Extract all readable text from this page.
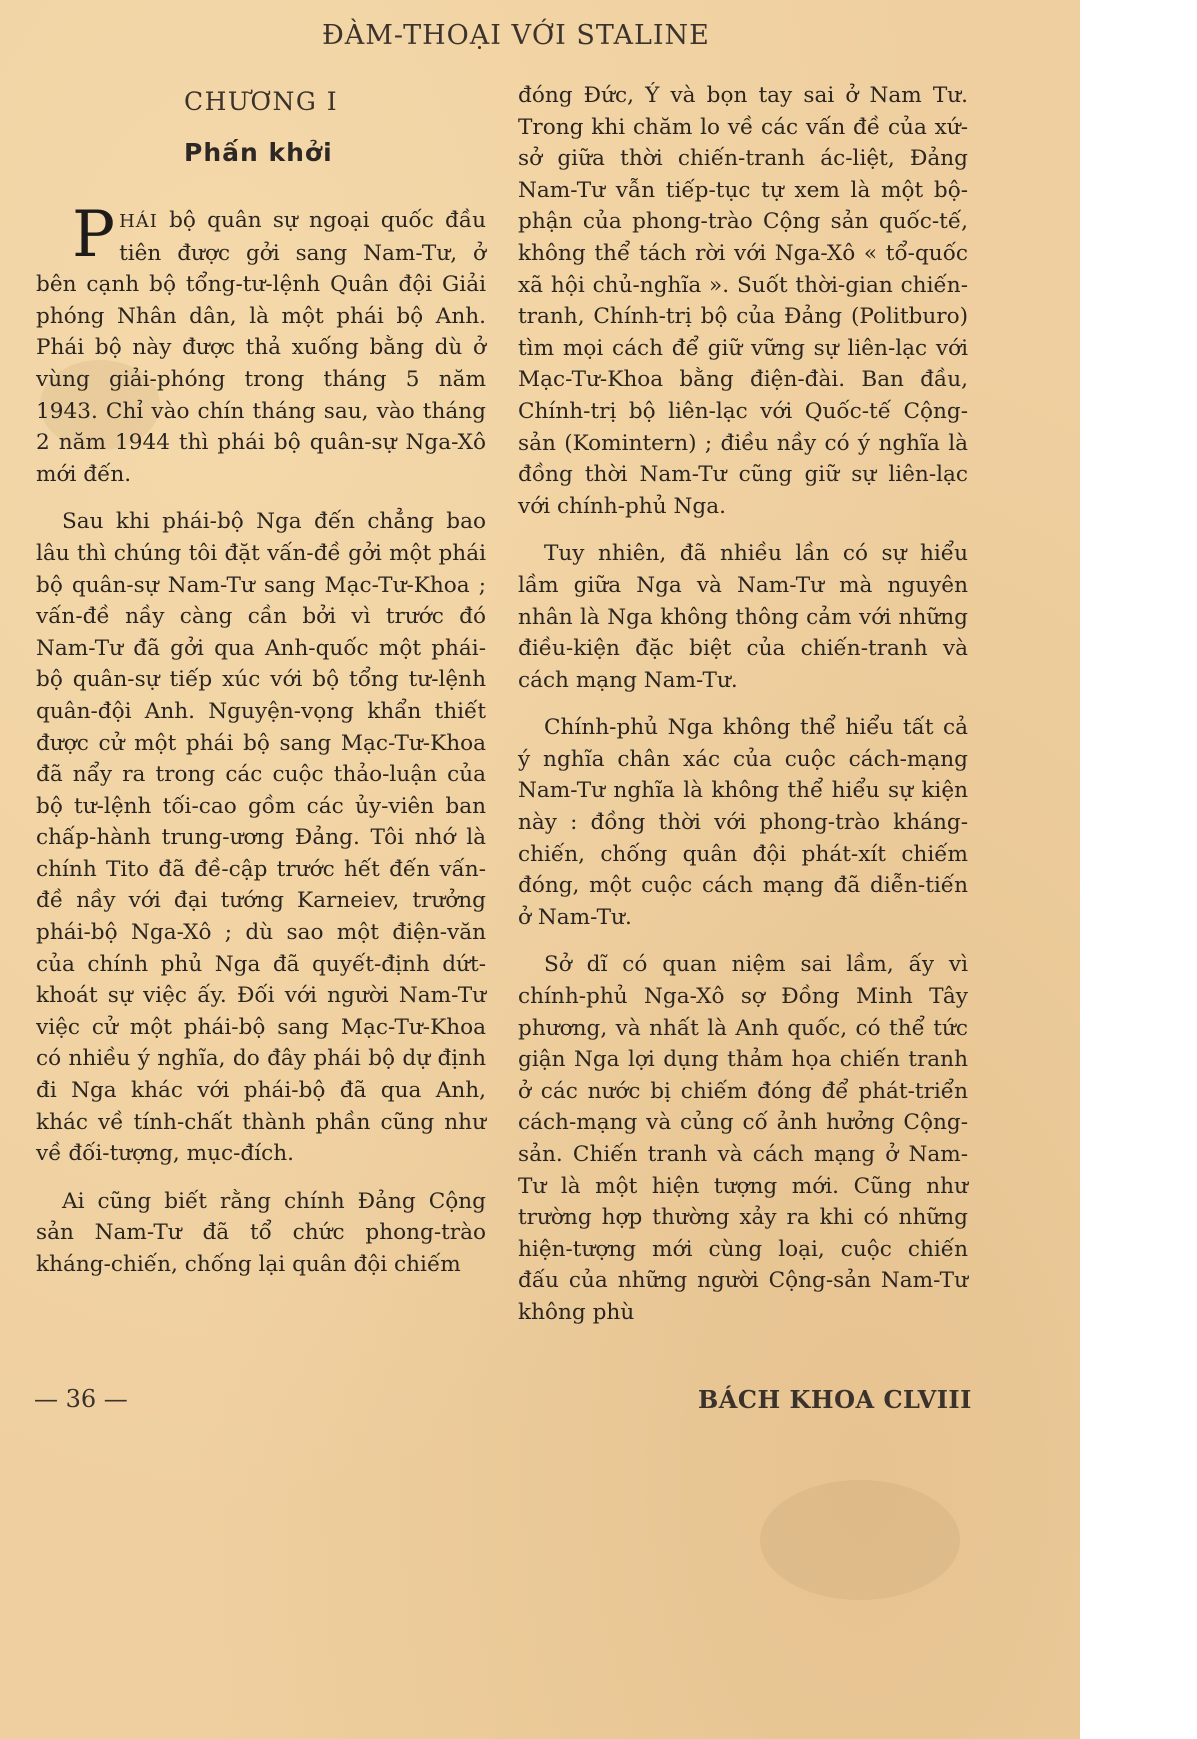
ĐÀM-THOẠI VỚI STALINE
CHƯƠNG I
Phấn khởi

PHÁI bộ quân sự ngoại quốc đầu tiên được gởi sang Nam-Tư, ở bên cạnh bộ tổng-tư-lệnh Quân đội Giải phóng Nhân dân, là một phái bộ Anh. Phái bộ này được thả xuống bằng dù ở vùng giải-phóng trong tháng 5 năm 1943. Chỉ vào chín tháng sau, vào tháng 2 năm 1944 thì phái bộ quân-sự Nga-Xô mới đến.

Sau khi phái-bộ Nga đến chẳng bao lâu thì chúng tôi đặt vấn-đề gởi một phái bộ quân-sự Nam-Tư sang Mạc-Tư-Khoa ; vấn-đề nầy càng cần bởi vì trước đó Nam-Tư đã gởi qua Anh-quốc một phái-bộ quân-sự tiếp xúc với bộ tổng tư-lệnh quân-đội Anh. Nguyện-vọng khẩn thiết được cử một phái bộ sang Mạc-Tư-Khoa đã nẩy ra trong các cuộc thảo-luận của bộ tư-lệnh tối-cao gồm các ủy-viên ban chấp-hành trung-ương Đảng. Tôi nhớ là chính Tito đã đề-cập trước hết đến vấn-đề nầy với đại tướng Karneiev, trưởng phái-bộ Nga-Xô ; dù sao một điện-văn của chính phủ Nga đã quyết-định dứt-khoát sự việc ấy. Đối với người Nam-Tư việc cử một phái-bộ sang Mạc-Tư-Khoa có nhiều ý nghĩa, do đây phái bộ dự định đi Nga khác với phái-bộ đã qua Anh, khác về tính-chất thành phần cũng như về đối-tượng, mục-đích.

Ai cũng biết rằng chính Đảng Cộng sản Nam-Tư đã tổ chức phong-trào kháng-chiến, chống lại quân đội chiếm

đóng Đức, Ý và bọn tay sai ở Nam Tư. Trong khi chăm lo về các vấn đề của xứ-sở giữa thời chiến-tranh ác-liệt, Đảng Nam-Tư vẫn tiếp-tục tự xem là một bộ-phận của phong-trào Cộng sản quốc-tế, không thể tách rời với Nga-Xô « tổ-quốc xã hội chủ-nghĩa ». Suốt thời-gian chiến-tranh, Chính-trị bộ của Đảng (Politburo) tìm mọi cách để giữ vững sự liên-lạc với Mạc-Tư-Khoa bằng điện-đài. Ban đầu, Chính-trị bộ liên-lạc với Quốc-tế Cộng-sản (Komintern) ; điều nầy có ý nghĩa là đồng thời Nam-Tư cũng giữ sự liên-lạc với chính-phủ Nga.

Tuy nhiên, đã nhiều lần có sự hiểu lầm giữa Nga và Nam-Tư mà nguyên nhân là Nga không thông cảm với những điều-kiện đặc biệt của chiến-tranh và cách mạng Nam-Tư.

Chính-phủ Nga không thể hiểu tất cả ý nghĩa chân xác của cuộc cách-mạng Nam-Tư nghĩa là không thể hiểu sự kiện này : đồng thời với phong-trào kháng-chiến, chống quân đội phát-xít chiếm đóng, một cuộc cách mạng đã diễn-tiến ở Nam-Tư.

Sở dĩ có quan niệm sai lầm, ấy vì chính-phủ Nga-Xô sợ Đồng Minh Tây phương, và nhất là Anh quốc, có thể tức giận Nga lợi dụng thảm họa chiến tranh ở các nước bị chiếm đóng để phát-triển cách-mạng và củng cố ảnh hưởng Cộng-sản. Chiến tranh và cách mạng ở Nam-Tư là một hiện tượng mới. Cũng như trường hợp thường xảy ra khi có những hiện-tượng mới cùng loại, cuộc chiến đấu của những người Cộng-sản Nam-Tư không phù

— 36 —	BÁCH KHOA CLVIII
